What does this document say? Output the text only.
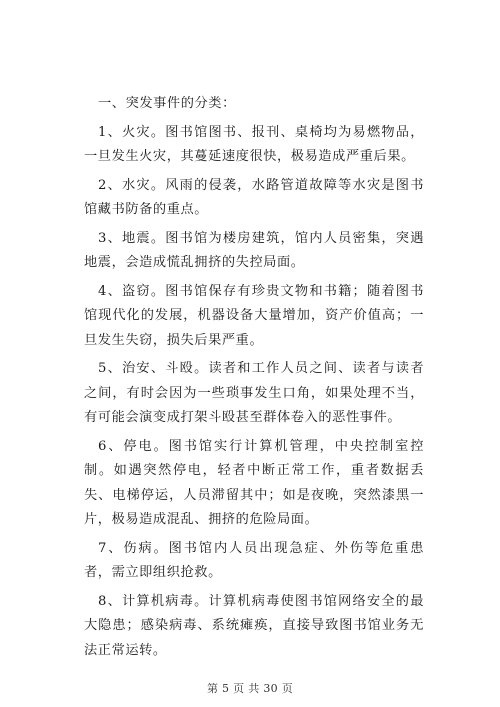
一、突发事件的分类：

1、火灾。图书馆图书、报刊、桌椅均为易燃物品，一旦发生火灾，其蔓延速度很快，极易造成严重后果。

2、水灾。风雨的侵袭，水路管道故障等水灾是图书馆藏书防备的重点。

3、地震。图书馆为楼房建筑，馆内人员密集，突遇地震，会造成慌乱拥挤的失控局面。

4、盗窃。图书馆保存有珍贵文物和书籍；随着图书馆现代化的发展，机器设备大量增加，资产价值高；一旦发生失窃，损失后果严重。

5、治安、斗殴。读者和工作人员之间、读者与读者之间，有时会因为一些琐事发生口角，如果处理不当，有可能会演变成打架斗殴甚至群体卷入的恶性事件。

6、停电。图书馆实行计算机管理，中央控制室控制。如遇突然停电，轻者中断正常工作，重者数据丢失、电梯停运，人员滞留其中；如是夜晚，突然漆黑一片，极易造成混乱、拥挤的危险局面。

7、伤病。图书馆内人员出现急症、外伤等危重患者，需立即组织抢救。

8、计算机病毒。计算机病毒使图书馆网络安全的最大隐患；感染病毒、系统瘫痪，直接导致图书馆业务无法正常运转。

第 5 页 共 30 页
